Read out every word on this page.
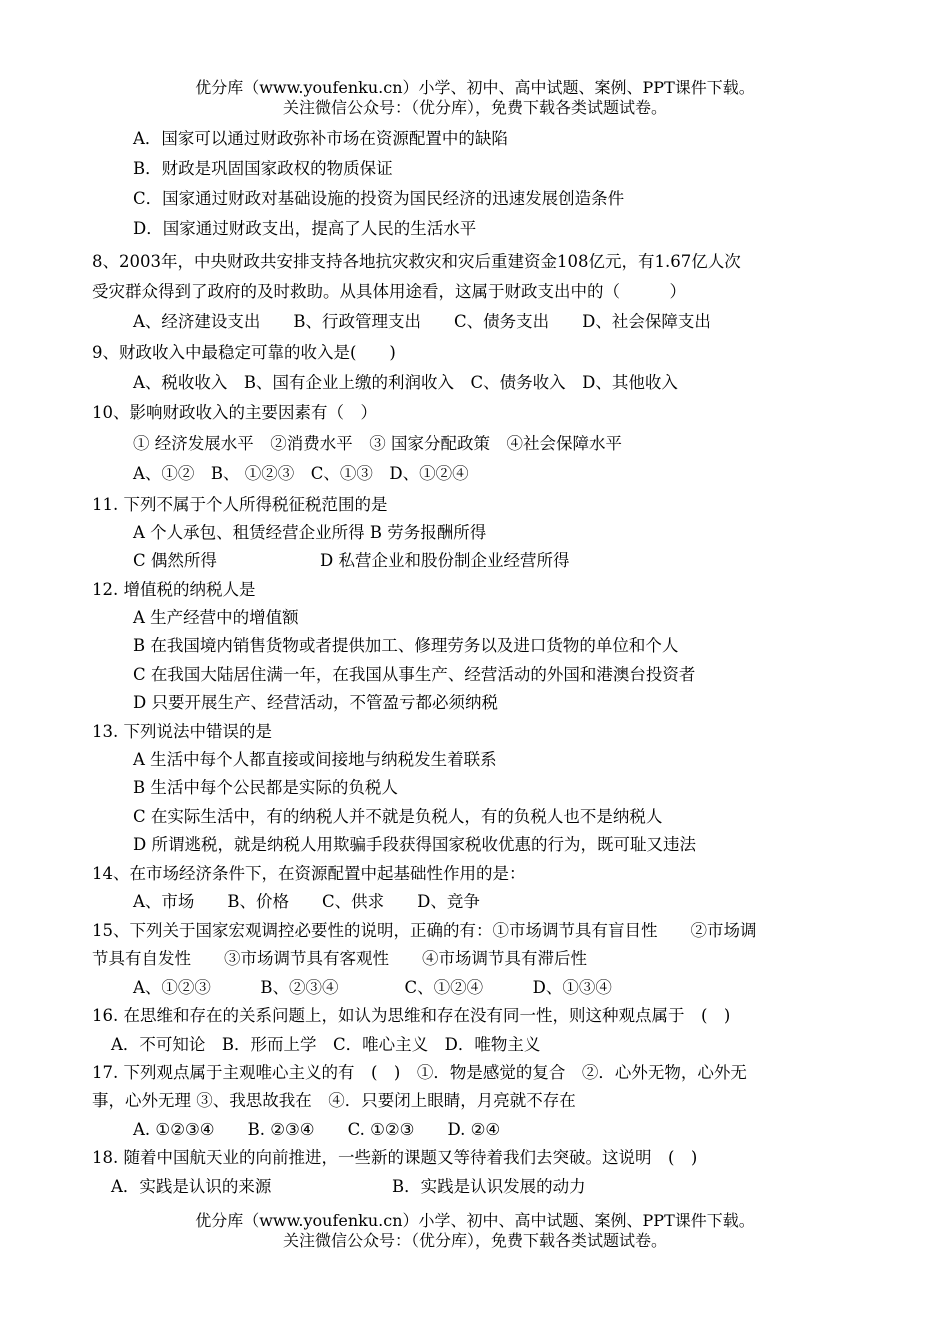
优分库（www.youfenku.cn）小学、初中、高中试题、案例、PPT课件下载。
关注微信公众号：（优分库），免费下载各类试题试卷。
A．国家可以通过财政弥补市场在资源配置中的缺陷
B．财政是巩固国家政权的物质保证
C．国家通过财政对基础设施的投资为国民经济的迅速发展创造条件
D．国家通过财政支出，提高了人民的生活水平
8、2003年，中央财政共安排支持各地抗灾救灾和灾后重建资金108亿元，有1.67亿人次
受灾群众得到了政府的及时救助。从具体用途看，这属于财政支出中的（　　　）
A、经济建设支出　　B、行政管理支出　　C、债务支出　　D、社会保障支出
9、财政收入中最稳定可靠的收入是(　　)
A、税收收入　B、国有企业上缴的利润收入　C、债务收入　D、其他收入
10、影响财政收入的主要因素有（　）
① 经济发展水平　②消费水平　③ 国家分配政策　④社会保障水平
A、①②　B、 ①②③　C、①③　D、①②④
11. 下列不属于个人所得税征税范围的是
A 个人承包、租赁经营企业所得 B 劳务报酬所得
C 偶然所得	D 私营企业和股份制企业经营所得
12. 增值税的纳税人是
A 生产经营中的增值额
B 在我国境内销售货物或者提供加工、修理劳务以及进口货物的单位和个人
C 在我国大陆居住满一年，在我国从事生产、经营活动的外国和港澳台投资者
D 只要开展生产、经营活动，不管盈亏都必须纳税
13. 下列说法中错误的是
A 生活中每个人都直接或间接地与纳税发生着联系
B 生活中每个公民都是实际的负税人
C 在实际生活中，有的纳税人并不就是负税人，有的负税人也不是纳税人
D 所谓逃税，就是纳税人用欺骗手段获得国家税收优惠的行为，既可耻又违法
14、在市场经济条件下，在资源配置中起基础性作用的是：
A、市场　　B、价格　　C、供求　　D、竞争
15、下列关于国家宏观调控必要性的说明，正确的有：①市场调节具有盲目性　　②市场调
节具有自发性　　③市场调节具有客观性　　④市场调节具有滞后性
A、①②③　　　B、②③④　　　　C、①②④　　　D、①③④
16. 在思维和存在的关系问题上，如认为思维和存在没有同一性，则这种观点属于　(　)
A．不可知论　B．形而上学　C．唯心主义　D．唯物主义
17. 下列观点属于主观唯心主义的有　(　)　①．物是感觉的复合　②．心外无物，心外无
事，心外无理 ③、我思故我在　④．只要闭上眼睛，月亮就不存在
A. ①②③④　　B. ②③④　　C. ①②③　　D. ②④
18. 随着中国航天业的向前推进，一些新的课题又等待着我们去突破。这说明　(　)
A．实践是认识的来源	B．实践是认识发展的动力
优分库（www.youfenku.cn）小学、初中、高中试题、案例、PPT课件下载。
关注微信公众号：（优分库），免费下载各类试题试卷。
